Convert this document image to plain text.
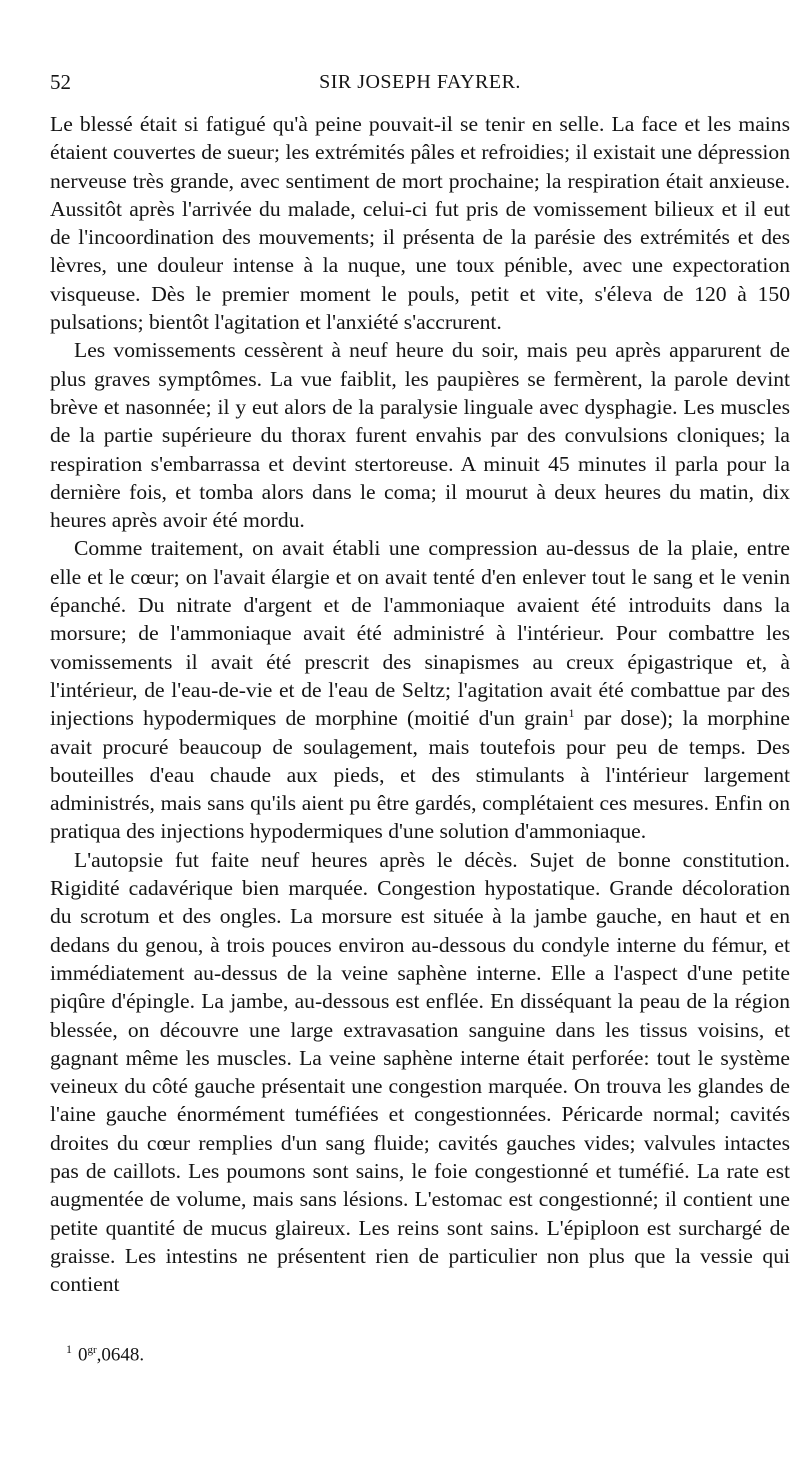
52	SIR JOSEPH FAYRER.

Le blessé était si fatigué qu'à peine pouvait-il se tenir en selle. La face et les mains étaient couvertes de sueur; les extrémités pâles et refroidies; il existait une dépression nerveuse très grande, avec sentiment de mort prochaine; la respiration était anxieuse. Aussitôt après l'arrivée du malade, celui-ci fut pris de vomissement bilieux et il eut de l'incoordination des mouvements; il présenta de la parésie des extrémités et des lèvres, une douleur intense à la nuque, une toux pénible, avec une expectoration visqueuse. Dès le premier moment le pouls, petit et vite, s'éleva de 120 à 150 pulsations; bientôt l'agitation et l'anxiété s'accrurent.

Les vomissements cessèrent à neuf heure du soir, mais peu après apparurent de plus graves symptômes. La vue faiblit, les paupières se fermèrent, la parole devint brève et nasonnée; il y eut alors de la paralysie linguale avec dysphagie. Les muscles de la partie supérieure du thorax furent envahis par des convulsions cloniques; la respiration s'embarrassa et devint stertoreuse. A minuit 45 minutes il parla pour la dernière fois, et tomba alors dans le coma; il mourut à deux heures du matin, dix heures après avoir été mordu.

Comme traitement, on avait établi une compression au-dessus de la plaie, entre elle et le cœur; on l'avait élargie et on avait tenté d'en enlever tout le sang et le venin épanché. Du nitrate d'argent et de l'ammoniaque avaient été introduits dans la morsure; de l'ammoniaque avait été administré à l'intérieur. Pour combattre les vomissements il avait été prescrit des sinapismes au creux épigastrique et, à l'intérieur, de l'eau-de-vie et de l'eau de Seltz; l'agitation avait été combattue par des injections hypodermiques de morphine (moitié d'un grain$^1$ par dose); la morphine avait procuré beaucoup de soulagement, mais toutefois pour peu de temps. Des bouteilles d'eau chaude aux pieds, et des stimulants à l'intérieur largement administrés, mais sans qu'ils aient pu être gardés, complétaient ces mesures. Enfin on pratiqua des injections hypodermiques d'une solution d'ammoniaque.

L'autopsie fut faite neuf heures après le décès. Sujet de bonne constitution. Rigidité cadavérique bien marquée. Congestion hypostatique. Grande décoloration du scrotum et des ongles. La morsure est située à la jambe gauche, en haut et en dedans du genou, à trois pouces environ au-dessous du condyle interne du fémur, et immédiatement au-dessus de la veine saphène interne. Elle a l'aspect d'une petite piqûre d'épingle. La jambe, au-dessous est enflée. En disséquant la peau de la région blessée, on découvre une large extravasation sanguine dans les tissus voisins, et gagnant même les muscles. La veine saphène interne était perforée: tout le système veineux du côté gauche présentait une congestion marquée. On trouva les glandes de l'aine gauche énormément tuméfiées et congestionnées. Péricarde normal; cavités droites du cœur remplies d'un sang fluide; cavités gauches vides; valvules intactes pas de caillots. Les poumons sont sains, le foie congestionné et tuméfié. La rate est augmentée de volume, mais sans lésions. L'estomac est congestionné; il contient une petite quantité de mucus glaireux. Les reins sont sains. L'épiploon est surchargé de graisse. Les intestins ne présentent rien de particulier non plus que la vessie qui contient

$^1$ $0^{gr},0648$.
